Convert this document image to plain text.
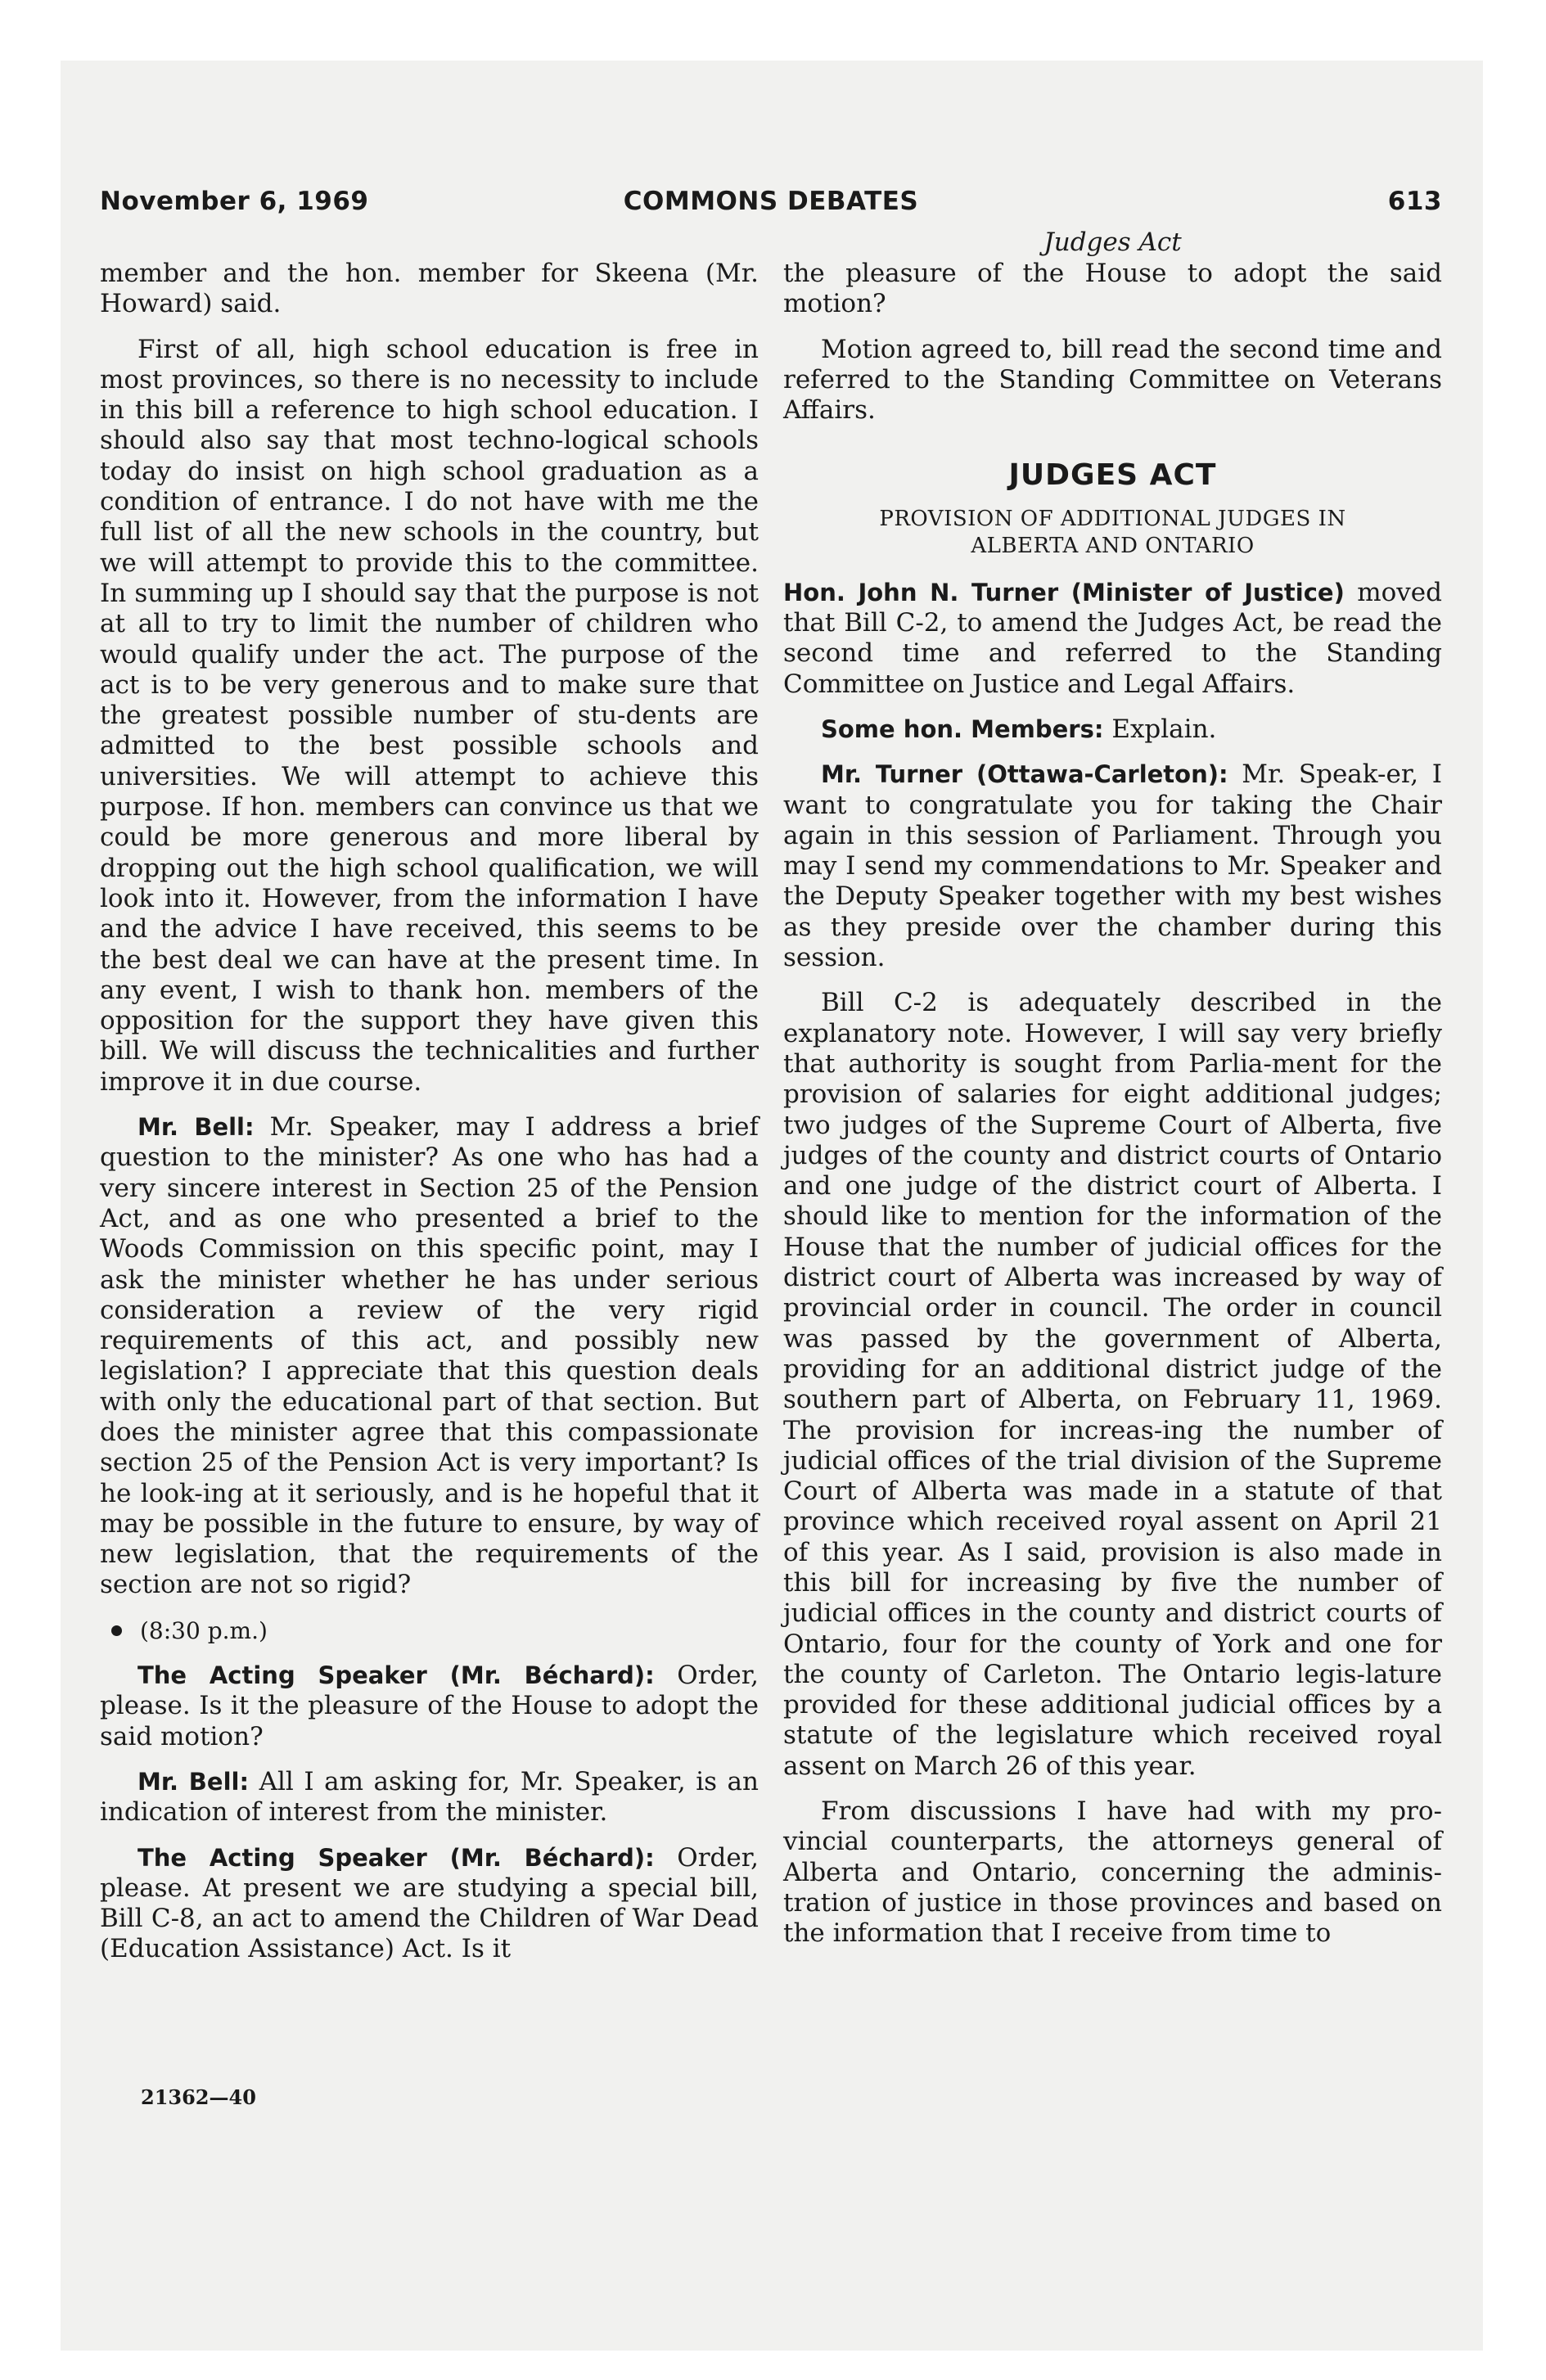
November 6, 1969	COMMONS DEBATES	613
Judges Act

member and the hon. member for Skeena (Mr. Howard) said.

First of all, high school education is free in most provinces, so there is no necessity to include in this bill a reference to high school education. I should also say that most techno-logical schools today do insist on high school graduation as a condition of entrance. I do not have with me the full list of all the new schools in the country, but we will attempt to provide this to the committee. In summing up I should say that the purpose is not at all to try to limit the number of children who would qualify under the act. The purpose of the act is to be very generous and to make sure that the greatest possible number of stu-dents are admitted to the best possible schools and universities. We will attempt to achieve this purpose. If hon. members can convince us that we could be more generous and more liberal by dropping out the high school qualification, we will look into it. However, from the information I have and the advice I have received, this seems to be the best deal we can have at the present time. In any event, I wish to thank hon. members of the opposition for the support they have given this bill. We will discuss the technicalities and further improve it in due course.

Mr. Bell: Mr. Speaker, may I address a brief question to the minister? As one who has had a very sincere interest in Section 25 of the Pension Act, and as one who presented a brief to the Woods Commission on this specific point, may I ask the minister whether he has under serious consideration a review of the very rigid requirements of this act, and possibly new legislation? I appreciate that this question deals with only the educational part of that section. But does the minister agree that this compassionate section 25 of the Pension Act is very important? Is he look-ing at it seriously, and is he hopeful that it may be possible in the future to ensure, by way of new legislation, that the requirements of the section are not so rigid?

(8:30 p.m.)

The Acting Speaker (Mr. Béchard): Order, please. Is it the pleasure of the House to adopt the said motion?

Mr. Bell: All I am asking for, Mr. Speaker, is an indication of interest from the minister.

The Acting Speaker (Mr. Béchard): Order, please. At present we are studying a special bill, Bill C-8, an act to amend the Children of War Dead (Education Assistance) Act. Is it

the pleasure of the House to adopt the said motion?

Motion agreed to, bill read the second time and referred to the Standing Committee on Veterans Affairs.

JUDGES ACT
PROVISION OF ADDITIONAL JUDGES IN
ALBERTA AND ONTARIO

Hon. John N. Turner (Minister of Justice) moved that Bill C-2, to amend the Judges Act, be read the second time and referred to the Standing Committee on Justice and Legal Affairs.

Some hon. Members: Explain.

Mr. Turner (Ottawa-Carleton): Mr. Speak-er, I want to congratulate you for taking the Chair again in this session of Parliament. Through you may I send my commendations to Mr. Speaker and the Deputy Speaker together with my best wishes as they preside over the chamber during this session.

Bill C-2 is adequately described in the explanatory note. However, I will say very briefly that authority is sought from Parlia-ment for the provision of salaries for eight additional judges; two judges of the Supreme Court of Alberta, five judges of the county and district courts of Ontario and one judge of the district court of Alberta. I should like to mention for the information of the House that the number of judicial offices for the district court of Alberta was increased by way of provincial order in council. The order in council was passed by the government of Alberta, providing for an additional district judge of the southern part of Alberta, on February 11, 1969. The provision for increas-ing the number of judicial offices of the trial division of the Supreme Court of Alberta was made in a statute of that province which received royal assent on April 21 of this year. As I said, provision is also made in this bill for increasing by five the number of judicial offices in the county and district courts of Ontario, four for the county of York and one for the county of Carleton. The Ontario legis-lature provided for these additional judicial offices by a statute of the legislature which received royal assent on March 26 of this year.

From discussions I have had with my pro-vincial counterparts, the attorneys general of Alberta and Ontario, concerning the adminis-tration of justice in those provinces and based on the information that I receive from time to

21362—40
